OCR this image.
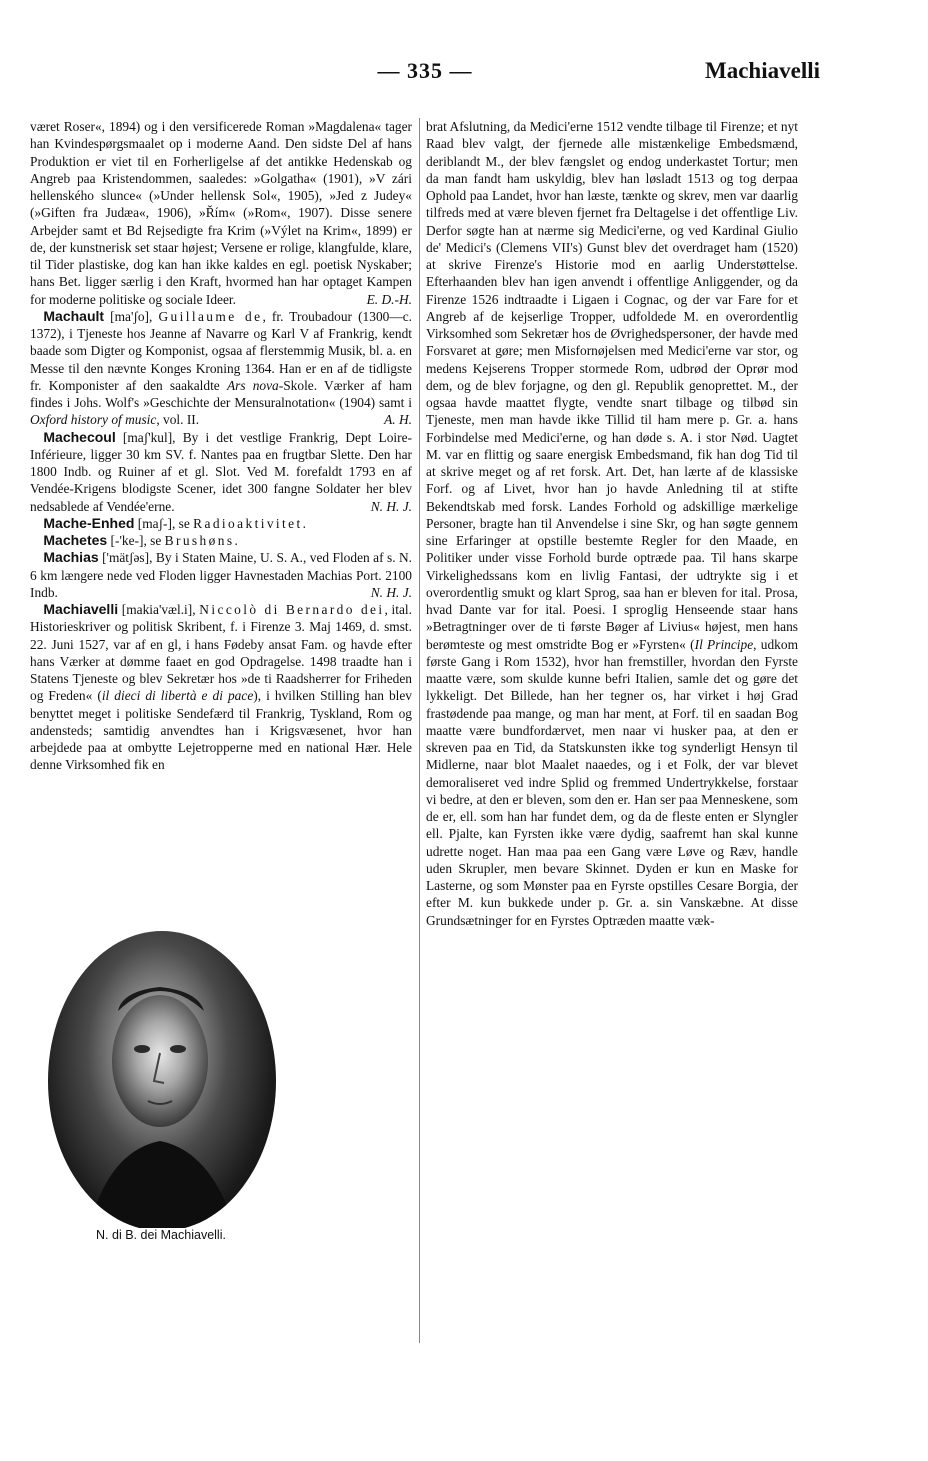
— 335 —	Machiavelli

været Roser«, 1894) og i den versificerede Roman »Magdalena« tager han Kvindespørgsmaalet op i moderne Aand. Den sidste Del af hans Produktion er viet til en Forherligelse af det antikke Hedenskab og Angreb paa Kristendommen, saaledes: »Golgatha« (1901), »V zári hellenského slunce« (»Under hellensk Sol«, 1905), »Jed z Judey« (»Giften fra Judæa«, 1906), »Řím« (»Rom«, 1907). Disse senere Arbejder samt et Bd Rejsedigte fra Krim (»Výlet na Krim«, 1899) er de, der kunstnerisk set staar højest; Versene er rolige, klangfulde, klare, til Tider plastiske, dog kan han ikke kaldes en egl. poetisk Nyskaber; hans Bet. ligger særlig i den Kraft, hvormed han har optaget Kampen for moderne politiske og sociale Ideer.	E. D.-H.

 Machault [ma'ʃo], Guillaume de, fr. Troubadour (1300—c. 1372), i Tjeneste hos Jeanne af Navarre og Karl V af Frankrig, kendt baade som Digter og Komponist, ogsaa af flerstemmig Musik, bl. a. en Messe til den nævnte Konges Kroning 1364. Han er en af de tidligste fr. Komponister af den saakaldte Ars nova-Skole. Værker af ham findes i Johs. Wolf's »Geschichte der Mensuralnotation« (1904) samt i Oxford history of music, vol. II.	A. H.

 Machecoul [maʃ'kul], By i det vestlige Frankrig, Dept Loire-Inférieure, ligger 30 km SV. f. Nantes paa en frugtbar Slette. Den har 1800 Indb. og Ruiner af et gl. Slot. Ved M. forefaldt 1793 en af Vendée-Krigens blodigste Scener, idet 300 fangne Soldater her blev nedsablede af Vendée'erne.	N. H. J.

 Mache-Enhed [maʃ-], se Radioaktivitet.

 Machetes [-'ke-], se Brushøns.

 Machias ['mätʃəs], By i Staten Maine, U. S. A., ved Floden af s. N. 6 km længere nede ved Floden ligger Havnestaden Machias Port. 2100 Indb.	N. H. J.

 Machiavelli [makia'væl.i], Niccolò di Bernardo dei, ital. Historieskriver og politisk Skribent, f. i Firenze 3. Maj 1469, d. smst. 22. Juni 1527, var af en gl, i hans Fødeby ansat Fam. og havde efter hans Værker at dømme faaet en god Opdragelse. 1498 traadte han i Statens Tjeneste og blev Sekretær hos »de ti Raadsherrer for Friheden og Freden« (il dieci di libertà e di pace), i hvilken Stilling han blev benyttet meget i politiske Sendefærd til Frankrig, Tyskland, Rom og andensteds; samtidig anvendtes han i Krigsvæsenet, hvor han arbejdede paa at ombytte Lejetropperne med en national Hær. Hele denne Virksomhed fik en

N. di B. dei Machiavelli.

brat Afslutning, da Medici'erne 1512 vendte tilbage til Firenze; et nyt Raad blev valgt, der fjernede alle mistænkelige Embedsmænd, deriblandt M., der blev fængslet og endog underkastet Tortur; men da man fandt ham uskyldig, blev han løsladt 1513 og tog derpaa Ophold paa Landet, hvor han læste, tænkte og skrev, men var daarlig tilfreds med at være bleven fjernet fra Deltagelse i det offentlige Liv. Derfor søgte han at nærme sig Medici'erne, og ved Kardinal Giulio de' Medici's (Clemens VII's) Gunst blev det overdraget ham (1520) at skrive Firenze's Historie mod en aarlig Understøttelse. Efterhaanden blev han igen anvendt i offentlige Anliggender, og da Firenze 1526 indtraadte i Ligaen i Cognac, og der var Fare for et Angreb af de kejserlige Tropper, udfoldede M. en overordentlig Virksomhed som Sekretær hos de Øvrighedspersoner, der havde med Forsvaret at gøre; men Misfornøjelsen med Medici'erne var stor, og medens Kejserens Tropper stormede Rom, udbrød der Oprør mod dem, og de blev forjagne, og den gl. Republik genoprettet. M., der ogsaa havde maattet flygte, vendte snart tilbage og tilbød sin Tjeneste, men man havde ikke Tillid til ham mere p. Gr. a. hans Forbindelse med Medici'erne, og han døde s. A. i stor Nød. Uagtet M. var en flittig og saare energisk Embedsmand, fik han dog Tid til at skrive meget og af ret forsk. Art. Det, han lærte af de klassiske Forf. og af Livet, hvor han jo havde Anledning til at stifte Bekendtskab med forsk. Landes Forhold og adskillige mærkelige Personer, bragte han til Anvendelse i sine Skr, og han søgte gennem sine Erfaringer at opstille bestemte Regler for den Maade, en Politiker under visse Forhold burde optræde paa. Til hans skarpe Virkelighedssans kom en livlig Fantasi, der udtrykte sig i et overordentlig smukt og klart Sprog, saa han er bleven for ital. Prosa, hvad Dante var for ital. Poesi. I sproglig Henseende staar hans »Betragtninger over de ti første Bøger af Livius« højest, men hans berømteste og mest omstridte Bog er »Fyrsten« (Il Principe, udkom første Gang i Rom 1532), hvor han fremstiller, hvordan den Fyrste maatte være, som skulde kunne befri Italien, samle det og gøre det lykkeligt. Det Billede, han her tegner os, har virket i høj Grad frastødende paa mange, og man har ment, at Forf. til en saadan Bog maatte være bundfordærvet, men naar vi husker paa, at den er skreven paa en Tid, da Statskunsten ikke tog synderligt Hensyn til Midlerne, naar blot Maalet naaedes, og i et Folk, der var blevet demoraliseret ved indre Splid og fremmed Undertrykkelse, forstaar vi bedre, at den er bleven, som den er. Han ser paa Menneskene, som de er, ell. som han har fundet dem, og da de fleste enten er Slyngler ell. Pjalte, kan Fyrsten ikke være dydig, saafremt han skal kunne udrette noget. Han maa paa een Gang være Løve og Ræv, handle uden Skrupler, men bevare Skinnet. Dyden er kun en Maske for Lasterne, og som Mønster paa en Fyrste opstilles Cesare Borgia, der efter M. kun bukkede under p. Gr. a. sin Vanskæbne. At disse Grundsætninger for en Fyrstes Optræden maatte væk-
